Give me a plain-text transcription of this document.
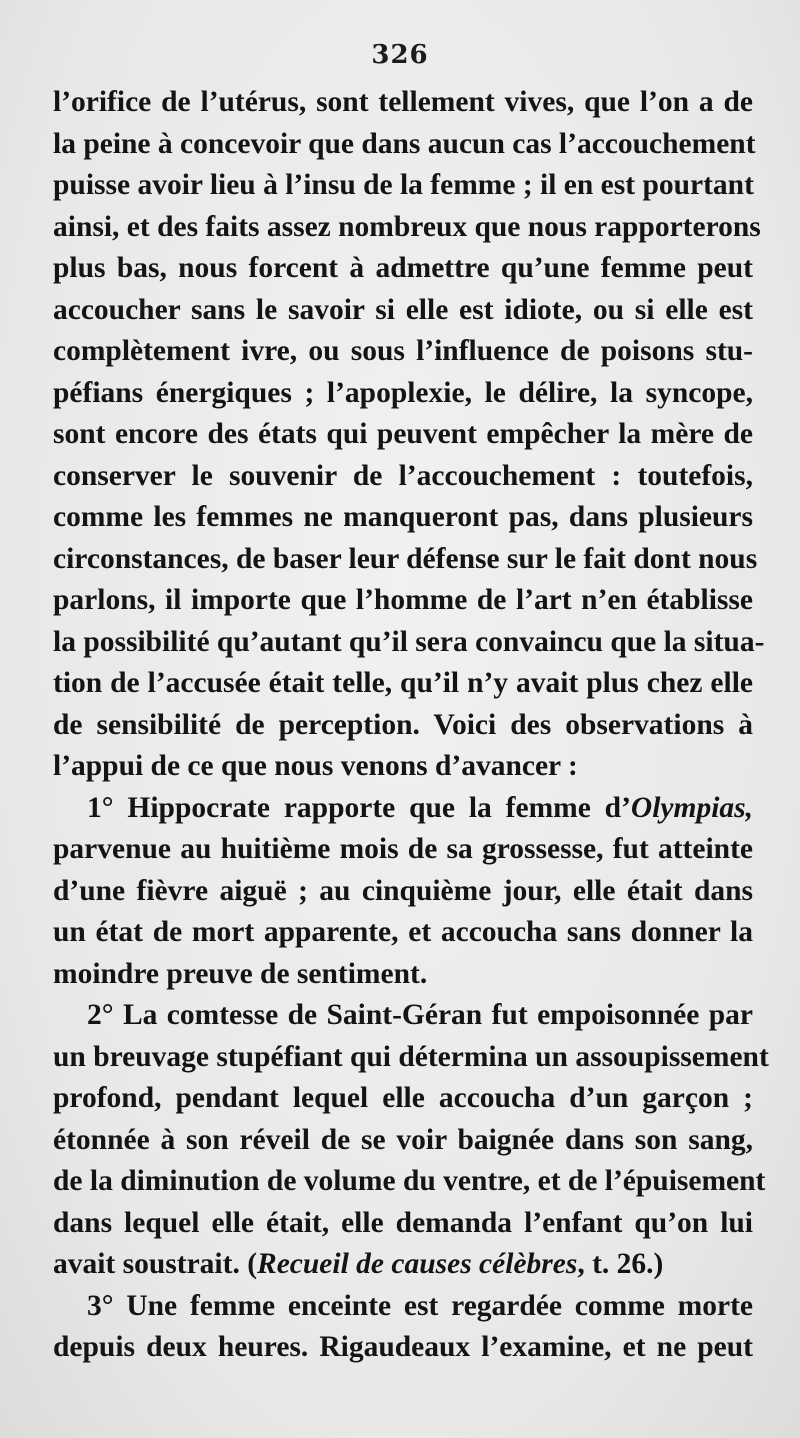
326
l’orifice de l’utérus, sont tellement vives, que l’on a de
la peine à concevoir que dans aucun cas l’accouchement
puisse avoir lieu à l’insu de la femme ; il en est pourtant
ainsi, et des faits assez nombreux que nous rapporterons
plus bas, nous forcent à admettre qu’une femme peut
accoucher sans le savoir si elle est idiote, ou si elle est
complètement ivre, ou sous l’influence de poisons stu-
péfians énergiques ; l’apoplexie, le délire, la syncope,
sont encore des états qui peuvent empêcher la mère de
conserver le souvenir de l’accouchement : toutefois,
comme les femmes ne manqueront pas, dans plusieurs
circonstances, de baser leur défense sur le fait dont nous
parlons, il importe que l’homme de l’art n’en établisse
la possibilité qu’autant qu’il sera convaincu que la situa-
tion de l’accusée était telle, qu’il n’y avait plus chez elle
de sensibilité de perception. Voici des observations à
l’appui de ce que nous venons d’avancer :
1° Hippocrate rapporte que la femme d’Olympias,
parvenue au huitième mois de sa grossesse, fut atteinte
d’une fièvre aiguë ; au cinquième jour, elle était dans
un état de mort apparente, et accoucha sans donner la
moindre preuve de sentiment.
2° La comtesse de Saint-Géran fut empoisonnée par
un breuvage stupéfiant qui détermina un assoupissement
profond, pendant lequel elle accoucha d’un garçon ;
étonnée à son réveil de se voir baignée dans son sang,
de la diminution de volume du ventre, et de l’épuisement
dans lequel elle était, elle demanda l’enfant qu’on lui
avait soustrait. (Recueil de causes célèbres, t. 26.)
3° Une femme enceinte est regardée comme morte
depuis deux heures. Rigaudeaux l’examine, et ne peut
